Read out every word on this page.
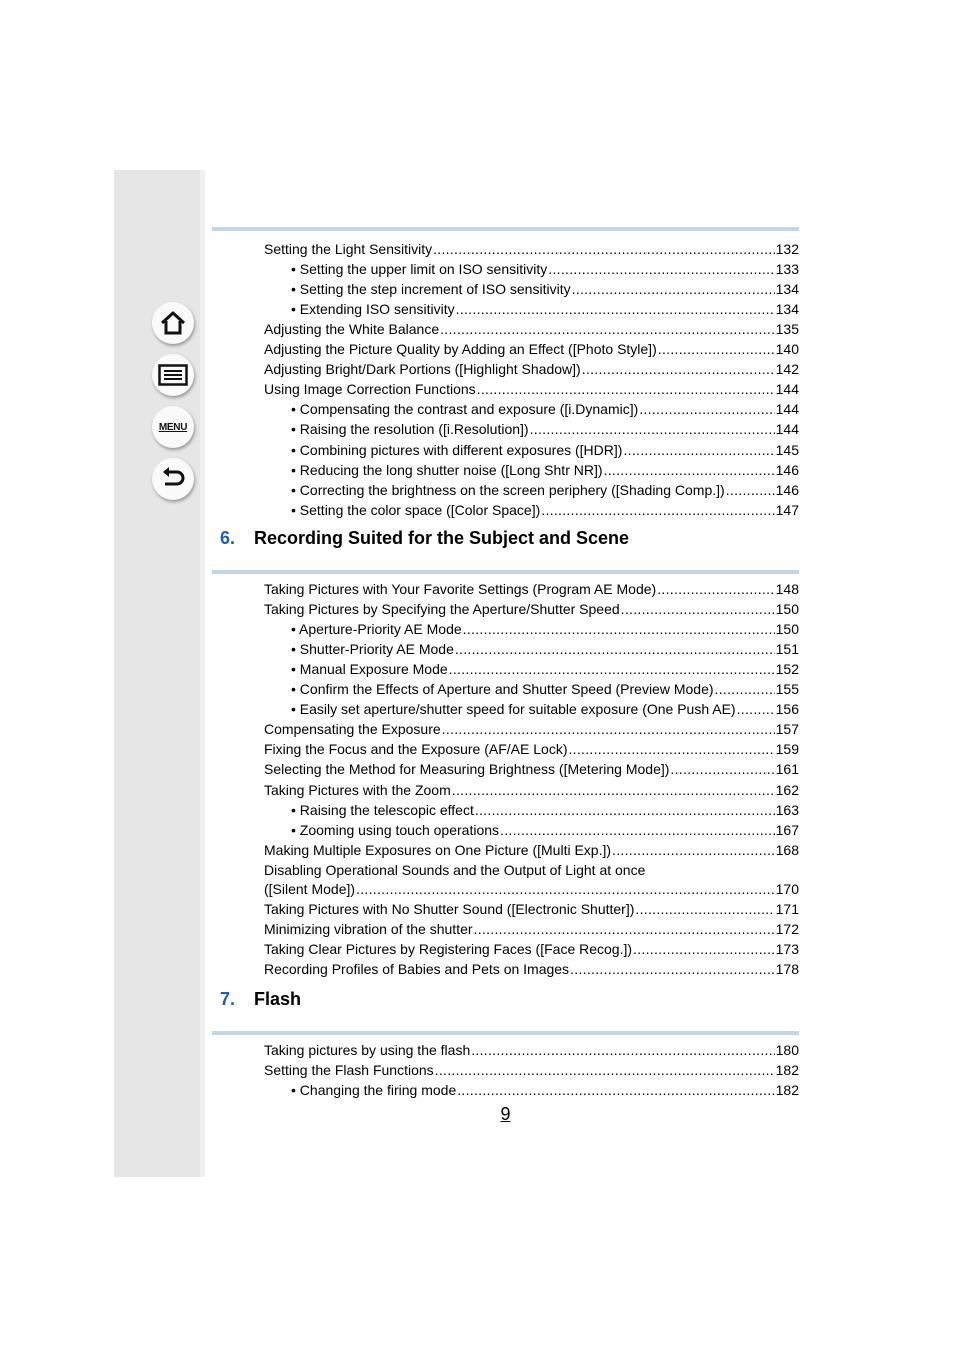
MENU
Setting the Light Sensitivity .....	132
• Setting the upper limit on ISO sensitivity .....	133
• Setting the step increment of ISO sensitivity .....	134
• Extending ISO sensitivity .....	134
Adjusting the White Balance .....	135
Adjusting the Picture Quality by Adding an Effect ([Photo Style]) .....	140
Adjusting Bright/Dark Portions ([Highlight Shadow]) .....	142
Using Image Correction Functions .....	144
• Compensating the contrast and exposure ([i.Dynamic]) .....	144
• Raising the resolution ([i.Resolution]) .....	144
• Combining pictures with different exposures ([HDR]) .....	145
• Reducing the long shutter noise ([Long Shtr NR]) .....	146
• Correcting the brightness on the screen periphery ([Shading Comp.]) .....	146
• Setting the color space ([Color Space]) .....	147
6. Recording Suited for the Subject and Scene
Taking Pictures with Your Favorite Settings (Program AE Mode) .....	148
Taking Pictures by Specifying the Aperture/Shutter Speed .....	150
• Aperture-Priority AE Mode .....	150
• Shutter-Priority AE Mode .....	151
• Manual Exposure Mode .....	152
• Confirm the Effects of Aperture and Shutter Speed (Preview Mode) .....	155
• Easily set aperture/shutter speed for suitable exposure (One Push AE) .....	156
Compensating the Exposure .....	157
Fixing the Focus and the Exposure (AF/AE Lock) .....	159
Selecting the Method for Measuring Brightness ([Metering Mode]) .....	161
Taking Pictures with the Zoom .....	162
• Raising the telescopic effect .....	163
• Zooming using touch operations .....	167
Making Multiple Exposures on One Picture ([Multi Exp.]) .....	168
Disabling Operational Sounds and the Output of Light at once
([Silent Mode]) .....	170
Taking Pictures with No Shutter Sound ([Electronic Shutter]) .....	171
Minimizing vibration of the shutter .....	172
Taking Clear Pictures by Registering Faces ([Face Recog.]) .....	173
Recording Profiles of Babies and Pets on Images .....	178
7. Flash
Taking pictures by using the flash .....	180
Setting the Flash Functions .....	182
• Changing the firing mode .....	182
9
